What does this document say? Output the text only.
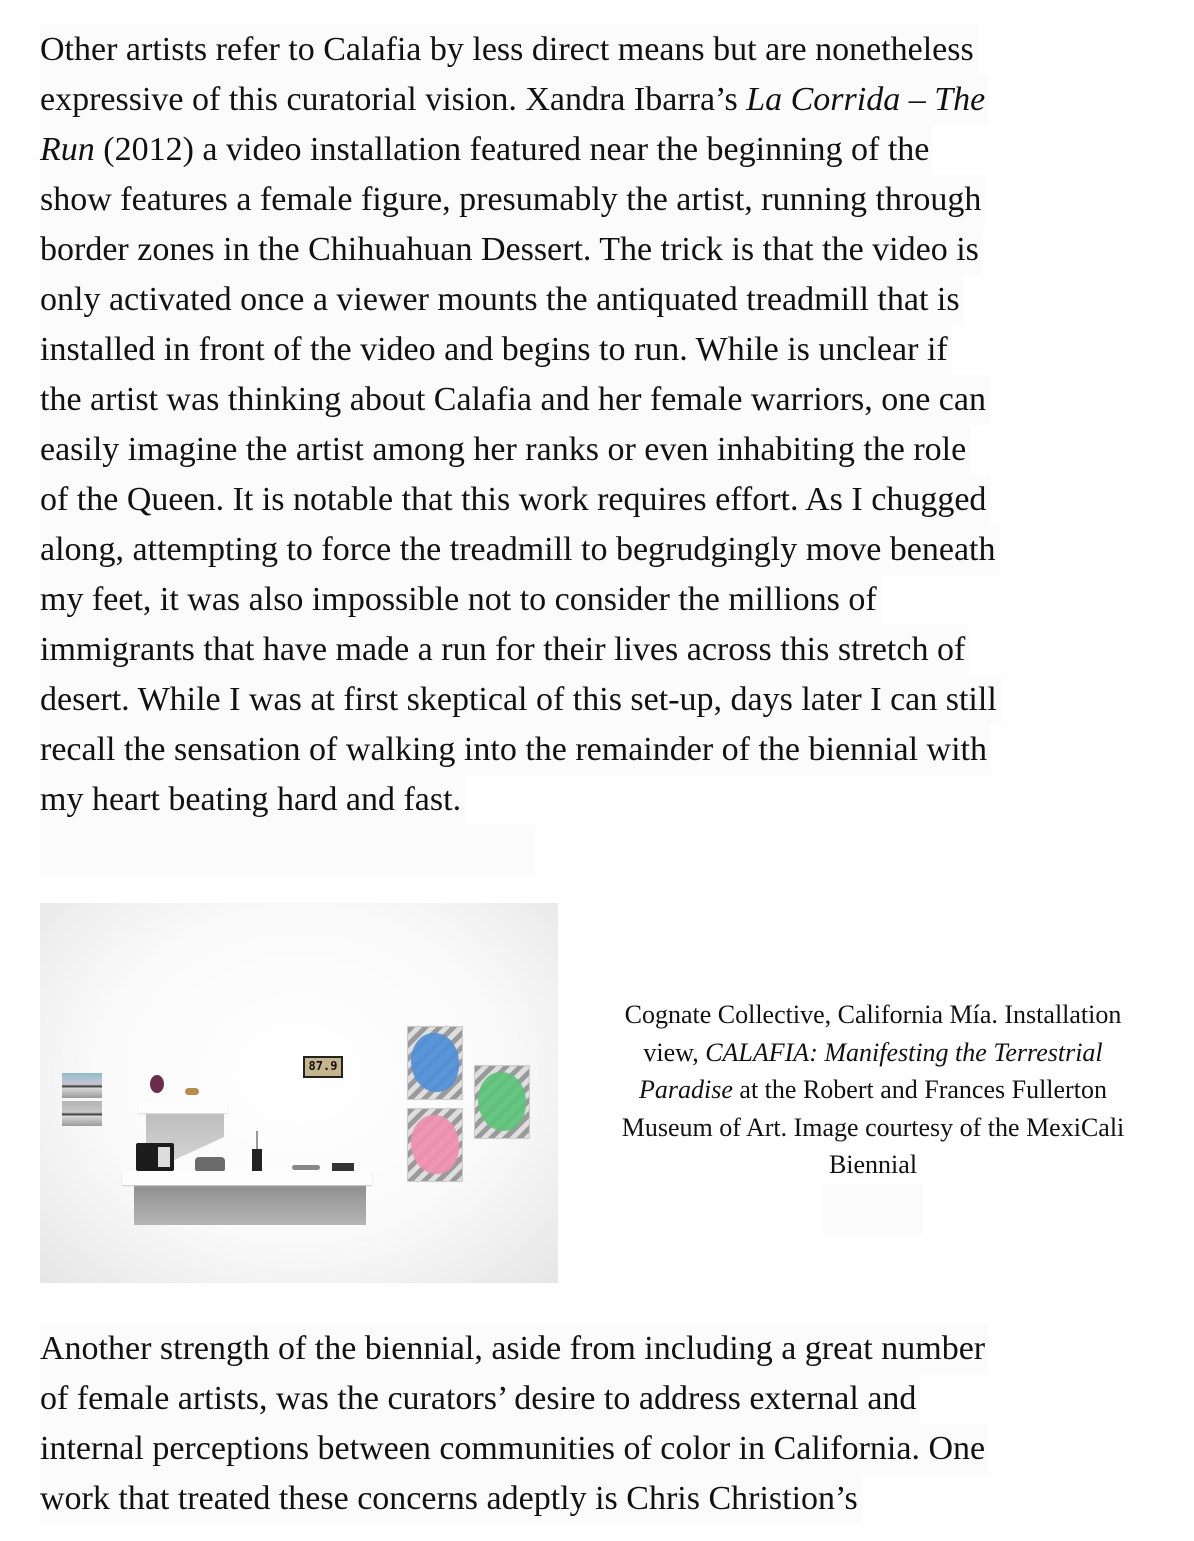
Other artists refer to Calafia by less direct means but are nonetheless
expressive of this curatorial vision. Xandra Ibarra’s La Corrida – The
Run (2012) a video installation featured near the beginning of the
show features a female figure, presumably the artist, running through
border zones in the Chihuahuan Dessert. The trick is that the video is
only activated once a viewer mounts the antiquated treadmill that is
installed in front of the video and begins to run. While is unclear if
the artist was thinking about Calafia and her female warriors, one can
easily imagine the artist among her ranks or even inhabiting the role
of the Queen. It is notable that this work requires effort. As I chugged
along, attempting to force the treadmill to begrudgingly move beneath
my feet, it was also impossible not to consider the millions of
immigrants that have made a run for their lives across this stretch of
desert. While I was at first skeptical of this set-up, days later I can still
recall the sensation of walking into the remainder of the biennial with
my heart beating hard and fast.
87.9
Cognate Collective, California Mía. Installation
view, CALAFIA: Manifesting the Terrestrial
Paradise at the Robert and Frances Fullerton
Museum of Art. Image courtesy of the MexiCali
Biennial
Another strength of the biennial, aside from including a great number
of female artists, was the curators’ desire to address external and
internal perceptions between communities of color in California. One
work that treated these concerns adeptly is Chris Christion’s
